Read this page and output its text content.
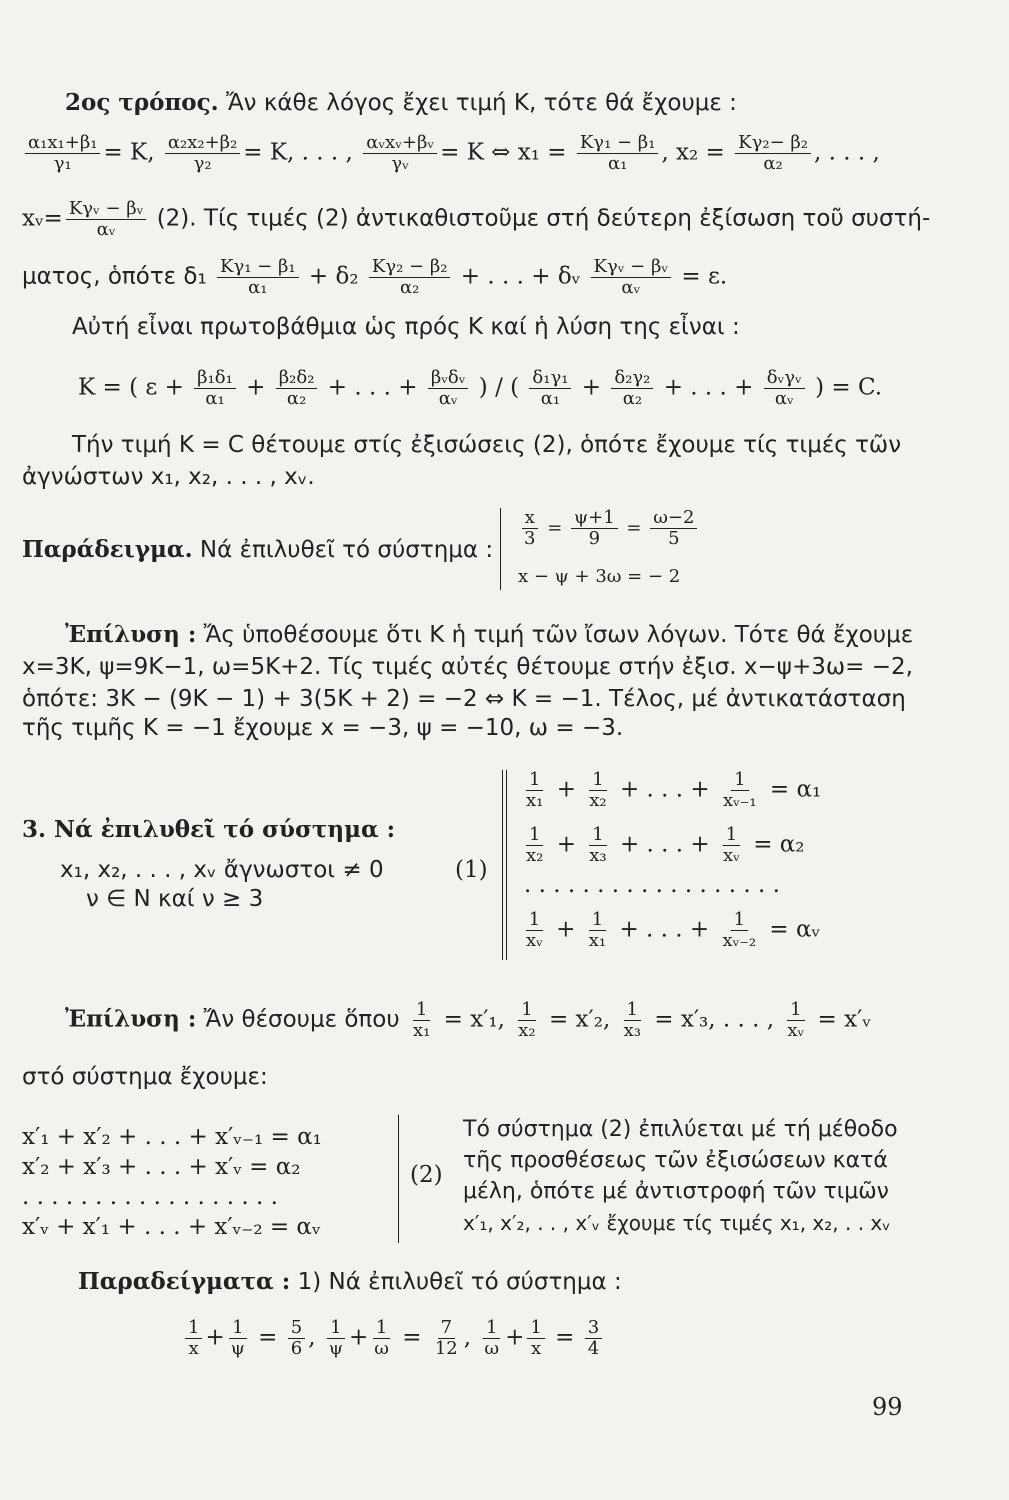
2ος τρόπος. Ἄν κάθε λόγος ἔχει τιμή Κ, τότε θά ἔχουμε :
$\frac{\text{α₁x₁+β₁}}{\text{γ₁}} = K$, $\frac{\text{α₂x₂+β₂}}{\text{γ₂}} = K$, . . . , $\frac{\text{αᵥxᵥ+βᵥ}}{\text{γᵥ}} = K$ ⇔ $x_1 = \frac{\text{Κγ₁ − β₁}}{\text{α₁}}$ , $x_2 = \frac{\text{Κγ₂− β₂}}{\text{α₂}}$ , . . . ,
xᵥ= $\frac{\text{Κγᵥ − βᵥ}}{\text{αᵥ}} (2)$. Τίς τιμές (2) ἀντικαθιστοῦμε στή δεύτερη ἐξίσωση τοῦ συστή-
ματος, ὁπότε $\delta_1 \frac{\text{Κγ₁ − β₁}}{\text{α₁}} + \delta_2 \frac{\text{Κγ₂ − β₂}}{\text{α₂}}$ + . . . + δᵥ $\frac{\text{Κγᵥ − βᵥ}}{\text{αᵥ}} = \varepsilon$.
Αὐτή εἶναι πρωτοβάθμια ὡς πρός Κ καί ἡ λύση της εἶναι :
Κ = ( $\varepsilon + \frac{\text{β₁δ₁}}{\text{α₁}} + \frac{\text{β₂δ₂}}{\text{α₂}}$ + . . . + $\frac{\text{βᵥδᵥ}}{\text{αᵥ}}$ ) / ( $\frac{\text{δ₁γ₁}}{\text{α₁}} + \frac{\text{δ₂γ₂}}{\text{α₂}}$ + . . . + $\frac{\text{δᵥγᵥ}}{\text{αᵥ}}$ ) = C.
Τήν τιμή Κ = C θέτουμε στίς ἐξισώσεις (2), ὁπότε ἔχουμε τίς τιμές τῶν
ἀγνώστων x₁, x₂, . . . , xᵥ.
Παράδειγμα. Νά ἐπιλυθεῖ τό σύστημα :
$\frac{x}{3} = \frac{\psi+1}{9} = \frac{\omega-2}{5}$
x − ψ + 3ω = − 2
Ἐπίλυση : Ἄς ὑποθέσουμε ὅτι Κ ἡ τιμή τῶν ἴσων λόγων. Τότε θά ἔχουμε
x=3Κ, ψ=9Κ−1, ω=5Κ+2. Τίς τιμές αὐτές θέτουμε στήν ἐξισ. x−ψ+3ω= −2,
ὁπότε: 3Κ − (9Κ − 1) + 3(5Κ + 2) = −2 ⇔ Κ = −1. Τέλος, μέ ἀντικατάσταση
τῆς τιμῆς Κ = −1 ἔχουμε x = −3, ψ = −10, ω = −3.
3. Νά ἐπιλυθεῖ τό σύστημα :
x₁, x₂, . . . , xᵥ ἄγνωστοι ≠ 0	(1)
ν ∈ Ν καί ν ≥ 3
$\frac{1}{\text{x₁}} + \frac{1}{\text{x₂}}$ + . . . + $\frac{1}{\text{xᵥ₋₁}} = \alpha_1$
$\frac{1}{\text{x₂}} + \frac{1}{\text{x₃}}$ + . . . + $\frac{1}{\text{xᵥ}} = \alpha_2$
. . . . . . . . . . . . . . . . . .
$\frac{1}{\text{xᵥ}} + \frac{1}{\text{x₁}}$ + . . . + $\frac{1}{\text{xᵥ₋₂}}$ = αᵥ
Ἐπίλυση : Ἄν θέσουμε ὅπου $\frac{1}{\text{x₁}} = x'_1$, $\frac{1}{\text{x₂}} = x'_2$, $\frac{1}{\text{x₃}} = x'_3$, . . . , $\frac{1}{\text{xᵥ}}$ = x′ᵥ
στό σύστημα ἔχουμε:
x′₁ + x′₂ + . . . + x′ᵥ₋₁ = α₁
x′₂ + x′₃ + . . . + x′ᵥ = α₂
. . . . . . . . . . . . . . . . . .
x′ᵥ + x′₁ + . . . + x′ᵥ₋₂ = αᵥ
(2)
Τό σύστημα (2) ἐπιλύεται μέ τή μέθοδο
τῆς προσθέσεως τῶν ἐξισώσεων κατά
μέλη, ὁπότε μέ ἀντιστροφή τῶν τιμῶν
x′₁, x′₂, . . , x′ᵥ ἔχουμε τίς τιμές x₁, x₂, . . xᵥ
Παραδείγματα : 1) Νά ἐπιλυθεῖ τό σύστημα :
$\frac{1}{x} + \frac{1}{\psi} = \frac{5}{6}$ , $\frac{1}{\psi} + \frac{1}{\omega} = \frac{7}{12}$ , $\frac{1}{\omega} + \frac{1}{x} = \frac{3}{4}$
99
